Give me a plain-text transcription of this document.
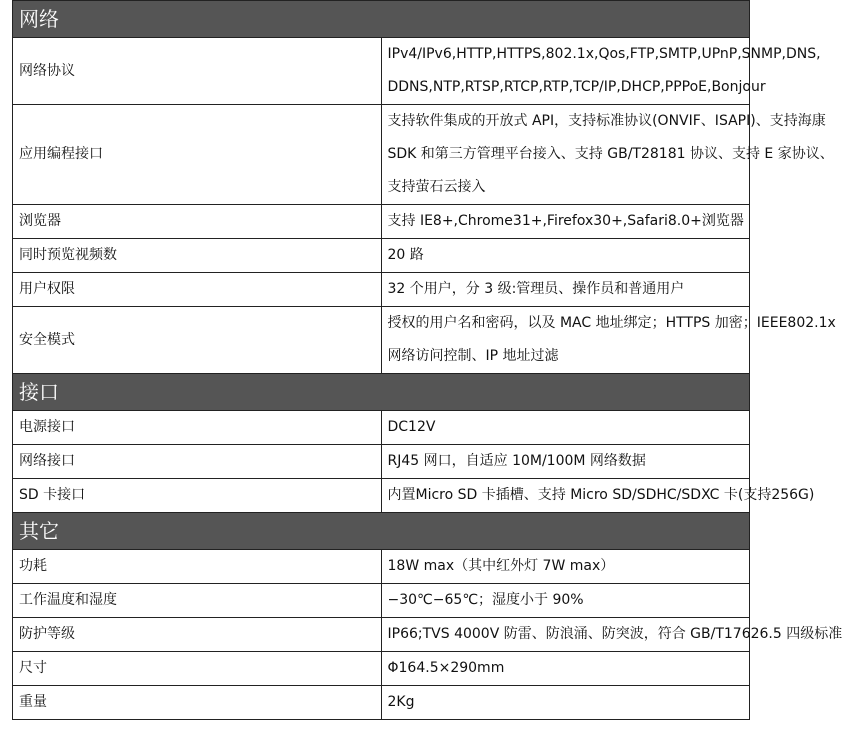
网络	
网络协议	IPv4/IPv6,HTTP,HTTPS,802.1x,Qos,FTP,SMTP,UPnP,SNMP,DNS,
DDNS,NTP,RTSP,RTCP,RTP,TCP/IP,DHCP,PPPoE,Bonjour

应用编程接口	支持软件集成的开放式 API，支持标准协议(ONVIF、ISAPI)、支持海康
SDK 和第三方管理平台接入、支持 GB/T28181 协议、支持 E 家协议、
支持萤石云接入

浏览器	支持 IE8+,Chrome31+,Firefox30+,Safari8.0+浏览器

同时预览视频数	20 路

用户权限	32 个用户，分 3 级:管理员、操作员和普通用户

安全模式	授权的用户名和密码，以及 MAC 地址绑定；HTTPS 加密；IEEE802.1x
网络访问控制、IP 地址过滤

接口	
电源接口	DC12V

网络接口	RJ45 网口，自适应 10M/100M 网络数据

SD 卡接口	内置Micro SD 卡插槽、支持 Micro SD/SDHC/SDXC 卡(支持256G)

其它	
功耗	18W max（其中红外灯 7W max）

工作温度和湿度	−30℃−65℃；湿度小于 90%

防护等级	IP66;TVS 4000V 防雷、防浪涌、防突波，符合 GB/T17626.5 四级标准

尺寸	Φ164.5×290mm

重量	2Kg
